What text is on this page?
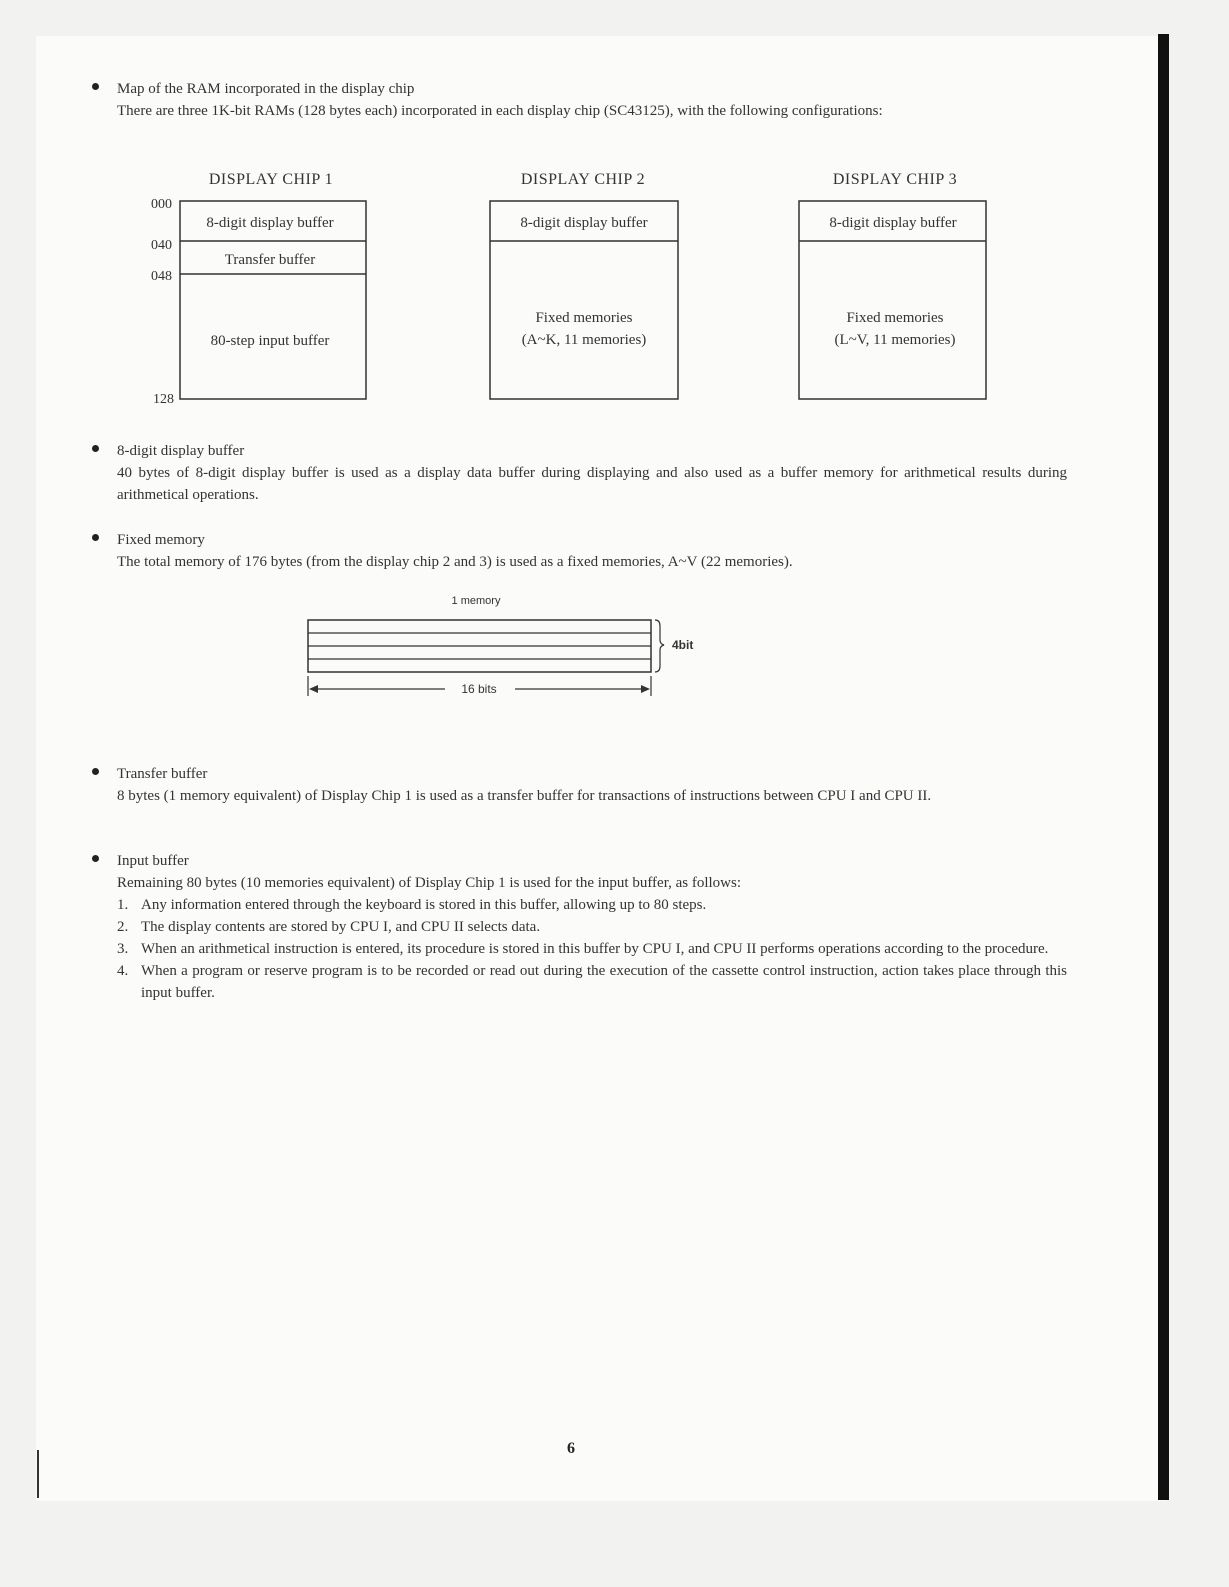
Map of the RAM incorporated in the display chip
There are three 1K-bit RAMs (128 bytes each) incorporated in each display chip (SC43125), with the following configurations:
DISPLAY CHIP 1
000
040
048
128
8-digit display buffer
Transfer buffer
80-step input buffer
DISPLAY CHIP 2
8-digit display buffer
Fixed memories
(A~K, 11 memories)
DISPLAY CHIP 3
8-digit display buffer
Fixed memories
(L~V, 11 memories)
8-digit display buffer
40 bytes of 8-digit display buffer is used as a display data buffer during displaying and also used as a buffer memory for arithmetical results during arithmetical operations.
Fixed memory
The total memory of 176 bytes (from the display chip 2 and 3) is used as a fixed memories, A~V (22 memories).
1 memory
4bit
16 bits
Transfer buffer
8 bytes (1 memory equivalent) of Display Chip 1 is used as a transfer buffer for transactions of instructions between CPU I and CPU II.
Input buffer
Remaining 80 bytes (10 memories equivalent) of Display Chip 1 is used for the input buffer, as follows:
1. Any information entered through the keyboard is stored in this buffer, allowing up to 80 steps.
2. The display contents are stored by CPU I, and CPU II selects data.
3. When an arithmetical instruction is entered, its procedure is stored in this buffer by CPU I, and CPU II performs operations according to the procedure.
4. When a program or reserve program is to be recorded or read out during the execution of the cassette control instruction, action takes place through this input buffer.
6
